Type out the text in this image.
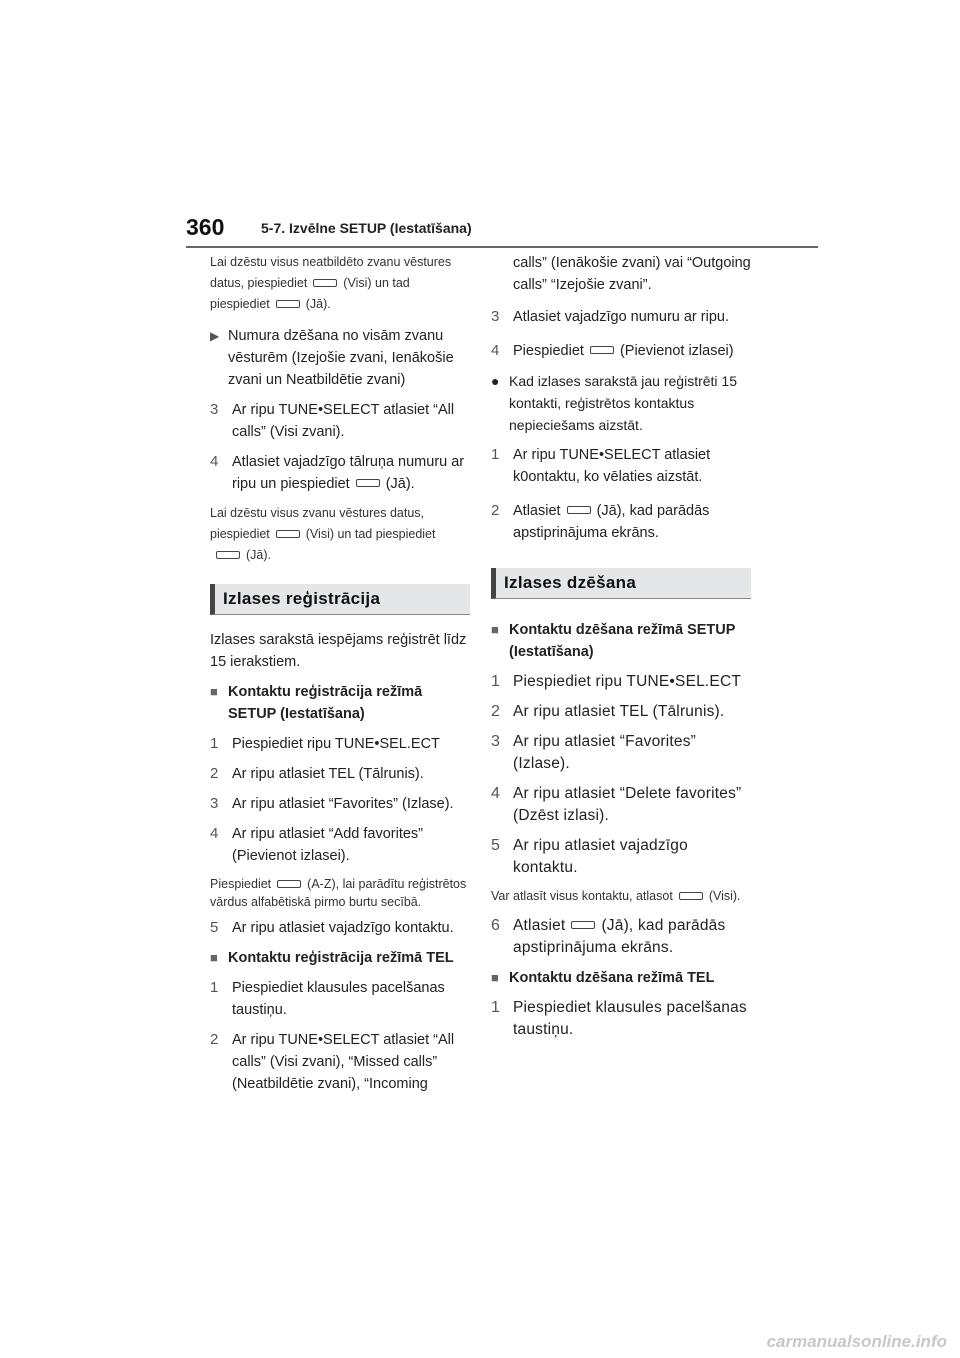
360	5-7. Izvēlne SETUP (Iestatīšana)

Lai dzēstu visus neatbildēto zvanu vēstures datus, piespiediet	(Visi) un tad piespiediet	(Jā).

▶ Numura dzēšana no visām zvanu vēsturēm (Izejošie zvani, Ienākošie zvani un Neatbildētie zvani)
3 Ar ripu TUNE•SELECT atlasiet “All calls” (Visi zvani).
4 Atlasiet vajadzīgo tālruņa numuru ar ripu un piespiediet (Jā).

Lai dzēstu visus zvanu vēstures datus, piespiediet	(Visi) un tad piespiediet(Jā).

Izlases reģistrācija

Izlases sarakstā iespējams reģistrēt līdz 15 ierakstiem.

■ Kontaktu reģistrācija režīmā SETUP (Iestatīšana)
1 Piespiediet ripu TUNE•SEL.ECT
2 Ar ripu atlasiet TEL (Tālrunis).
3 Ar ripu atlasiet “Favorites” (Izlase).
4 Ar ripu atlasiet “Add favorites” (Pievienot izlasei).

Piespiediet	(A-Z), lai parādītu reģistrētos vārdus alfabētiskā pirmo burtu secībā.

5 Ar ripu atlasiet vajadzīgo kontaktu.
■ Kontaktu reģistrācija režīmā TEL
1 Piespiediet klausules pacelšanas taustiņu.
2 Ar ripu TUNE•SELECT atlasiet “All calls” (Visi zvani), “Missed calls” (Neatbildētie zvani), “Incoming

calls” (Ienākošie zvani) vai “Outgoing calls” “Izejošie zvani”.

3 Atlasiet vajadzīgo numuru ar ripu.
4 Piespiediet (Pievienot izlasei)
● Kad izlases sarakstā jau reģistrēti 15 kontakti, reģistrētos kontaktus nepieciešams aizstāt.
1 Ar ripu TUNE•SELECT atlasiet k0ontaktu, ko vēlaties aizstāt.
2 Atlasiet (Jā), kad parādās apstiprinājuma ekrāns.
Izlases dzēšana
■ Kontaktu dzēšana režīmā SETUP (Iestatīšana)
1 Piespiediet ripu TUNE•SEL.ECT
2 Ar ripu atlasiet TEL (Tālrunis).
3 Ar ripu atlasiet “Favorites” (Izlase).
4 Ar ripu atlasiet “Delete favorites” (Dzēst izlasi).
5 Ar ripu atlasiet vajadzīgo kontaktu.

Var atlasīt visus kontaktu, atlasot	(Visi).

6 Atlasiet (Jā), kad parādās apstiprinājuma ekrāns.
■ Kontaktu dzēšana režīmā TEL
1 Piespiediet klausules pacelšanas taustiņu.
carmanualsonline.info
